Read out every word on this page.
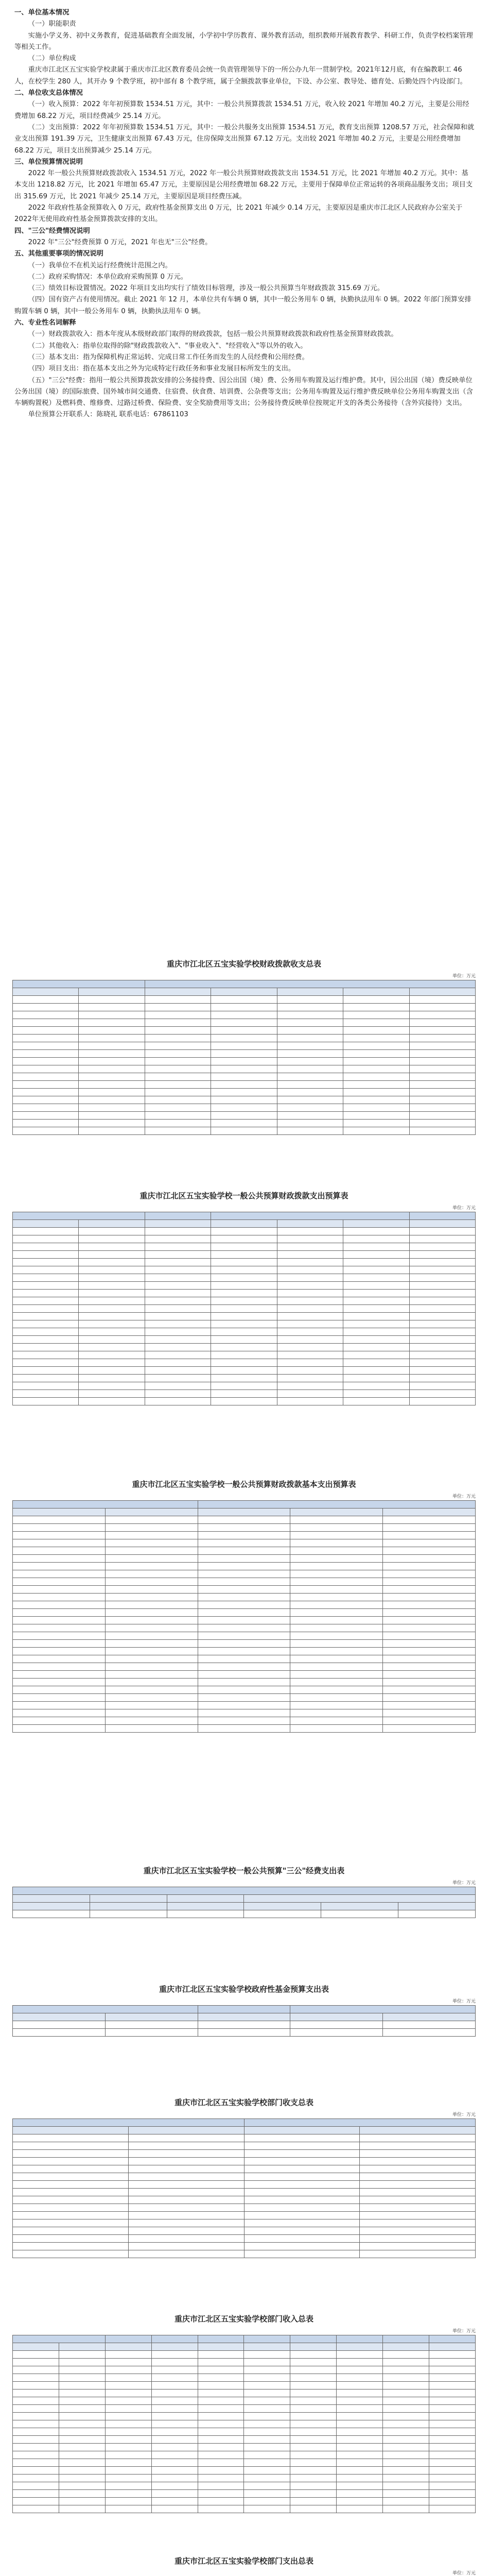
一、单位基本情况

（一）职能职责

实施小学义务、初中义务教育，促进基础教育全面发展，小学初中学历教育、课外教育活动，组织教师开展教育教学、科研工作，负责学校档案管理等相关工作。

（二）单位构成

重庆市江北区五宝实验学校隶属于重庆市江北区教育委员会统一负责管理领导下的一所公办九年一贯制学校。2021年12月底，有在编教职工 46 人，在校学生 280 人，其开办 9 个教学班，初中部有 8 个教学班，属于全额拨款事业单位，下设、办公室、教导处、德育处、后勤处四个内设部门。

二、单位收支总体情况

（一）收入预算：2022 年年初预算数 1534.51 万元，其中：一般公共预算拨款 1534.51 万元，收入较 2021 年增加 40.2 万元，主要是公用经费增加 68.22 万元，项目经费减少 25.14 万元。

（二）支出预算：2022 年年初预算数 1534.51 万元，其中：一般公共服务支出预算 1534.51 万元，教育支出预算 1208.57 万元，社会保障和就业支出预算 191.39 万元，卫生健康支出预算 67.43 万元，住房保障支出预算 67.12 万元。支出较 2021 年增加 40.2 万元，主要是公用经费增加 68.22 万元，项目支出预算减少 25.14 万元。

三、单位预算情况说明

2022 年一般公共预算财政拨款收入 1534.51 万元，2022 年一般公共预算财政拨款支出 1534.51 万元，比 2021 年增加 40.2 万元。其中：基本支出 1218.82 万元，比 2021 年增加 65.47 万元，主要原因是公用经费增加 68.22 万元，主要用于保障单位正常运转的各项商品服务支出；项目支出 315.69 万元，比 2021 年减少 25.14 万元，主要原因是项目经费压减。

2022 年政府性基金预算收入 0 万元，政府性基金预算支出 0 万元，比 2021 年减少 0.14 万元，主要原因是重庆市江北区人民政府办公室关于2022年无使用政府性基金预算拨款安排的支出。

四、"三公"经费情况说明

2022 年"三公"经费预算 0 万元，2021 年也无"三公"经费。

五、其他重要事项的情况说明

（一）我单位不在机关运行经费统计范围之内。

（二）政府采购情况：本单位政府采购预算 0 万元。

（三）绩效目标设置情况。2022 年项目支出均实行了绩效目标管理，涉及一般公共预算当年财政拨款 315.69 万元。

（四）国有资产占有使用情况。截止 2021 年 12 月，本单位共有车辆 0 辆，其中一般公务用车 0 辆，执勤执法用车 0 辆。2022 年部门预算安排购置车辆 0 辆，其中一般公务用车 0 辆，执勤执法用车 0 辆。

六、专业性名词解释

（一）财政拨款收入：指本年度从本级财政部门取得的财政拨款，包括一般公共预算财政拨款和政府性基金预算财政拨款。

（二）其他收入：指单位取得的除"财政拨款收入"、"事业收入"、"经营收入"等以外的收入。

（三）基本支出：指为保障机构正常运转、完成日常工作任务而发生的人员经费和公用经费。

（四）项目支出：指在基本支出之外为完成特定行政任务和事业发展目标所发生的支出。

（五）"三公"经费：指用一般公共预算拨款安排的公务接待费、因公出国（境）费、公务用车购置及运行维护费。其中，因公出国（境）费反映单位公务出国（境）的国际旅费、国外城市间交通费、住宿费、伙食费、培训费、公杂费等支出；公务用车购置及运行维护费反映单位公务用车购置支出（含车辆购置税）及燃料费、维修费、过路过桥费、保险费、安全奖励费用等支出；公务接待费反映单位按规定开支的各类公务接待（含外宾接待）支出。

单位预算公开联系人：陈晓礼 联系电话：67861103

重庆市江北区五宝实验学校财政拨款收支总表

单位：万元

重庆市江北区五宝实验学校一般公共预算财政拨款支出预算表

单位：万元

重庆市江北区五宝实验学校一般公共预算财政拨款基本支出预算表

单位：万元

重庆市江北区五宝实验学校一般公共预算"三公"经费支出表

单位：万元

重庆市江北区五宝实验学校政府性基金预算支出表

单位：万元

重庆市江北区五宝实验学校部门收支总表

单位：万元

重庆市江北区五宝实验学校部门收入总表

单位：万元

重庆市江北区五宝实验学校部门支出总表

单位：万元
